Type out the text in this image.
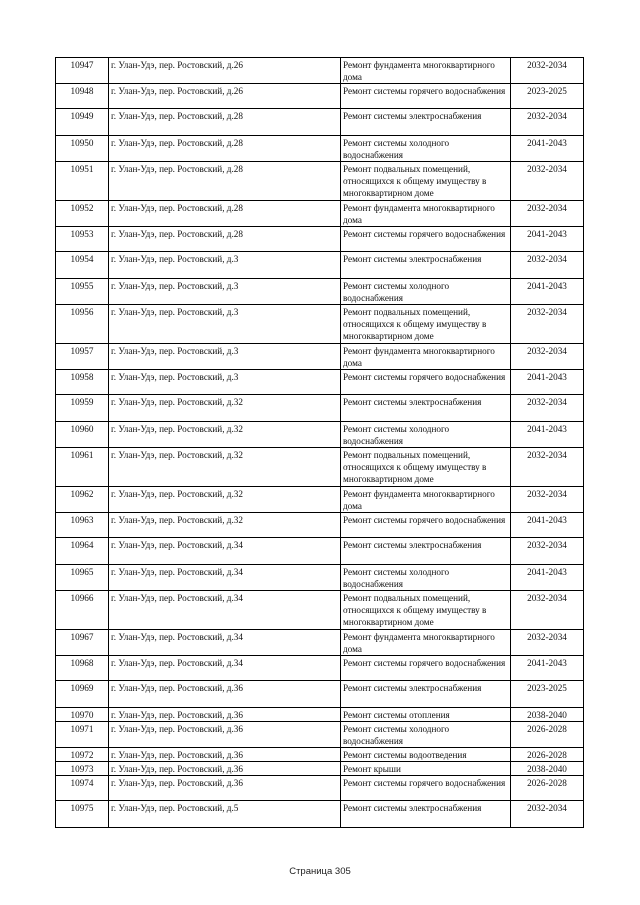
10947	г. Улан-Удэ, пер. Ростовский, д.26	Ремонт фундамента многоквартирного дома	2032-2034
10948	г. Улан-Удэ, пер. Ростовский, д.26	Ремонт системы горячего водоснабжения	2023-2025
10949	г. Улан-Удэ, пер. Ростовский, д.28	Ремонт системы электроснабжения	2032-2034
10950	г. Улан-Удэ, пер. Ростовский, д.28	Ремонт системы холодного водоснабжения	2041-2043
10951	г. Улан-Удэ, пер. Ростовский, д.28	Ремонт подвальных помещений, относящихся к общему имуществу в многоквартирном доме	2032-2034
10952	г. Улан-Удэ, пер. Ростовский, д.28	Ремонт фундамента многоквартирного дома	2032-2034
10953	г. Улан-Удэ, пер. Ростовский, д.28	Ремонт системы горячего водоснабжения	2041-2043
10954	г. Улан-Удэ, пер. Ростовский, д.3	Ремонт системы электроснабжения	2032-2034
10955	г. Улан-Удэ, пер. Ростовский, д.3	Ремонт системы холодного водоснабжения	2041-2043
10956	г. Улан-Удэ, пер. Ростовский, д.3	Ремонт подвальных помещений, относящихся к общему имуществу в многоквартирном доме	2032-2034
10957	г. Улан-Удэ, пер. Ростовский, д.3	Ремонт фундамента многоквартирного дома	2032-2034
10958	г. Улан-Удэ, пер. Ростовский, д.3	Ремонт системы горячего водоснабжения	2041-2043
10959	г. Улан-Удэ, пер. Ростовский, д.32	Ремонт системы электроснабжения	2032-2034
10960	г. Улан-Удэ, пер. Ростовский, д.32	Ремонт системы холодного водоснабжения	2041-2043
10961	г. Улан-Удэ, пер. Ростовский, д.32	Ремонт подвальных помещений, относящихся к общему имуществу в многоквартирном доме	2032-2034
10962	г. Улан-Удэ, пер. Ростовский, д.32	Ремонт фундамента многоквартирного дома	2032-2034
10963	г. Улан-Удэ, пер. Ростовский, д.32	Ремонт системы горячего водоснабжения	2041-2043
10964	г. Улан-Удэ, пер. Ростовский, д.34	Ремонт системы электроснабжения	2032-2034
10965	г. Улан-Удэ, пер. Ростовский, д.34	Ремонт системы холодного водоснабжения	2041-2043
10966	г. Улан-Удэ, пер. Ростовский, д.34	Ремонт подвальных помещений, относящихся к общему имуществу в многоквартирном доме	2032-2034
10967	г. Улан-Удэ, пер. Ростовский, д.34	Ремонт фундамента многоквартирного дома	2032-2034
10968	г. Улан-Удэ, пер. Ростовский, д.34	Ремонт системы горячего водоснабжения	2041-2043
10969	г. Улан-Удэ, пер. Ростовский, д.36	Ремонт системы электроснабжения	2023-2025
10970	г. Улан-Удэ, пер. Ростовский, д.36	Ремонт системы отопления	2038-2040
10971	г. Улан-Удэ, пер. Ростовский, д.36	Ремонт системы холодного водоснабжения	2026-2028
10972	г. Улан-Удэ, пер. Ростовский, д.36	Ремонт системы водоотведения	2026-2028
10973	г. Улан-Удэ, пер. Ростовский, д.36	Ремонт крыши	2038-2040
10974	г. Улан-Удэ, пер. Ростовский, д.36	Ремонт системы горячего водоснабжения	2026-2028
10975	г. Улан-Удэ, пер. Ростовский, д.5	Ремонт системы электроснабжения	2032-2034
Страница 305
